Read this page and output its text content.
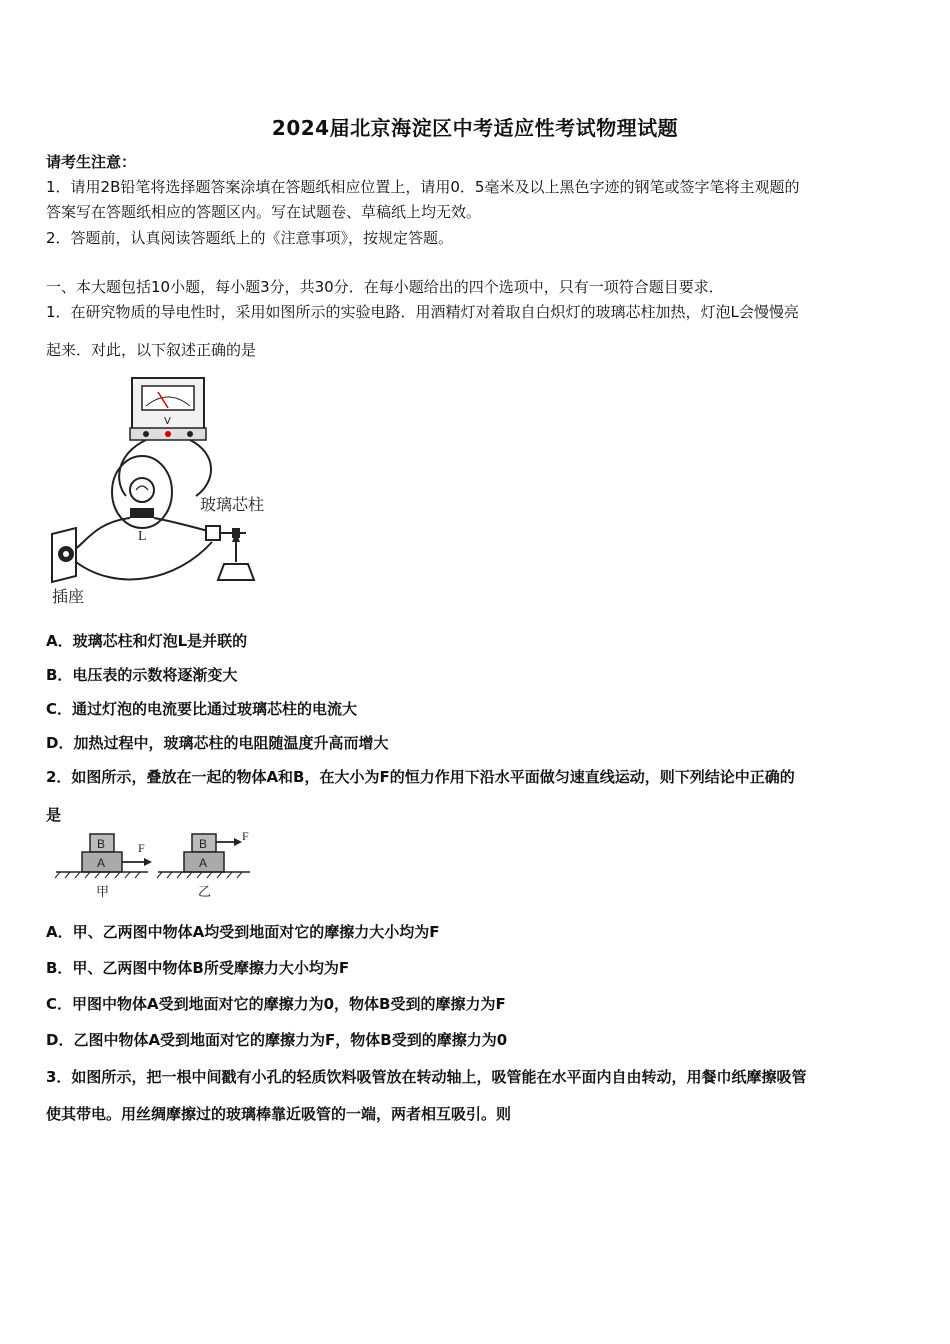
2024届北京海淀区中考适应性考试物理试题
请考生注意：
1．请用2B铅笔将选择题答案涂填在答题纸相应位置上，请用0．5毫米及以上黑色字迹的钢笔或签字笔将主观题的
答案写在答题纸相应的答题区内。写在试题卷、草稿纸上均无效。
2．答题前，认真阅读答题纸上的《注意事项》，按规定答题。
一、本大题包括10小题，每小题3分，共30分．在每小题给出的四个选项中，只有一项符合题目要求．
1．在研究物质的导电性时，采用如图所示的实验电路．用酒精灯对着取自白炽灯的玻璃芯柱加热，灯泡L会慢慢亮
起来．对此，以下叙述正确的是
V
L
插座
玻璃芯柱
A．玻璃芯柱和灯泡L是并联的
B．电压表的示数将逐渐变大
C．通过灯泡的电流要比通过玻璃芯柱的电流大
D．加热过程中，玻璃芯柱的电阻随温度升高而增大
2．如图所示，叠放在一起的物体A和B，在大小为F的恒力作用下沿水平面做匀速直线运动，则下列结论中正确的
是
B
A
F
甲
B
F
A
乙
A．甲、乙两图中物体A均受到地面对它的摩擦力大小均为F
B．甲、乙两图中物体B所受摩擦力大小均为F
C．甲图中物体A受到地面对它的摩擦力为0，物体B受到的摩擦力为F
D．乙图中物体A受到地面对它的摩擦力为F，物体B受到的摩擦力为0
3．如图所示，把一根中间戳有小孔的轻质饮料吸管放在转动轴上，吸管能在水平面内自由转动，用餐巾纸摩擦吸管
使其带电。用丝绸摩擦过的玻璃棒靠近吸管的一端，两者相互吸引。则
